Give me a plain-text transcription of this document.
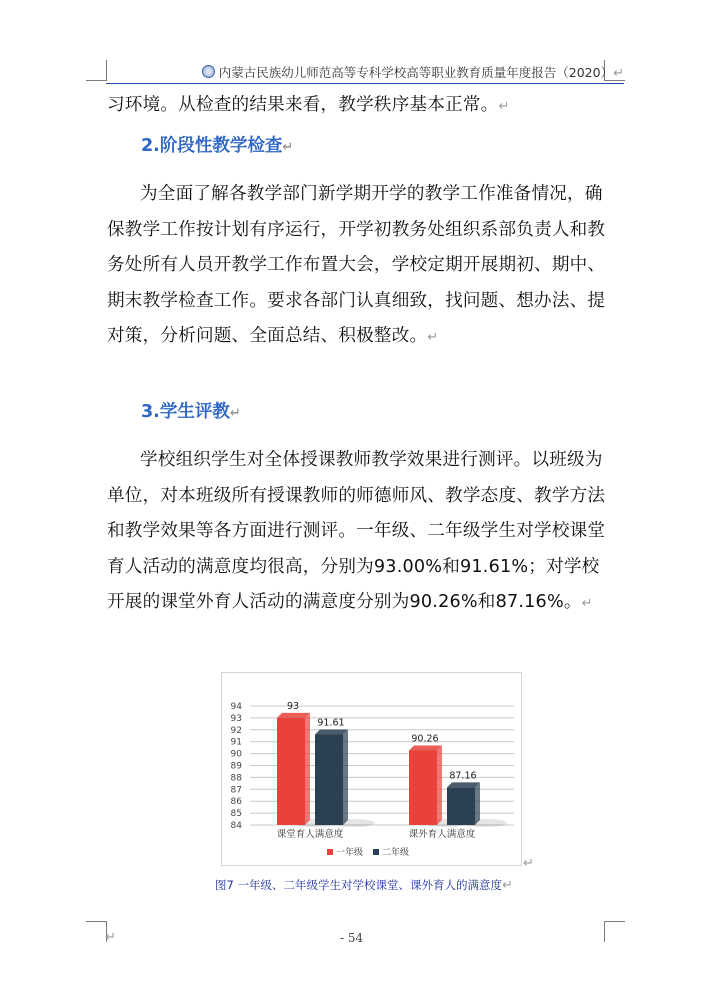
内蒙古民族幼儿师范高等专科学校高等职业教育质量年度报告（2020）↵
习环境。从检查的结果来看，教学秩序基本正常。↵
2.阶段性教学检查↵
为全面了解各教学部门新学期开学的教学工作准备情况，确保教学工作按计划有序运行，开学初教务处组织系部负责人和教务处所有人员开教学工作布置大会，学校定期开展期初、期中、期末教学检查工作。要求各部门认真细致，找问题、想办法、提对策，分析问题、全面总结、积极整改。↵
3.学生评教↵
学校组织学生对全体授课教师教学效果进行测评。以班级为单位，对本班级所有授课教师的师德师风、教学态度、教学方法和教学效果等各方面进行测评。一年级、二年级学生对学校课堂育人活动的满意度均很高，分别为93.00%和91.61%；对学校开展的课堂外育人活动的满意度分别为90.26%和87.16%。↵
84
85
86
87
88
89
90
91
92
93
94	93
91.61
课堂育人满意度
90.26
87.16
课外育人满意度
一年级 二年级
↵
图7 一年级、二年级学生对学校课堂、课外育人的满意度↵
↵	- 54
